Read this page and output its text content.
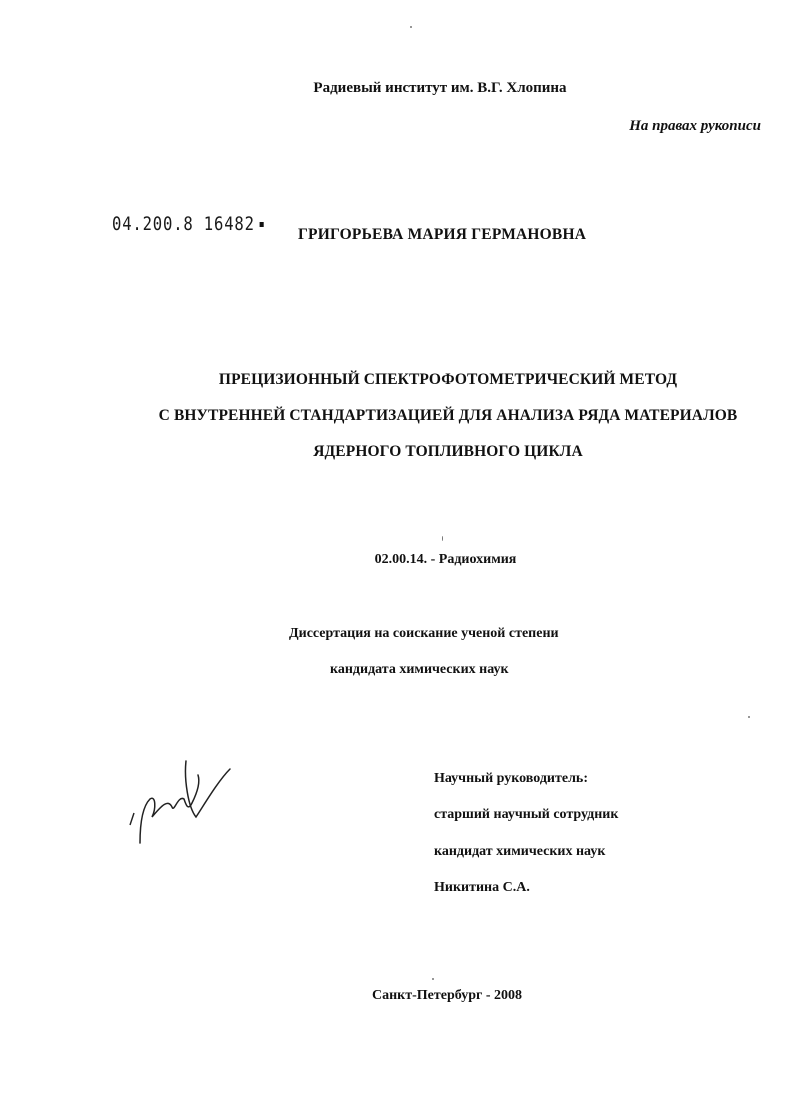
Радиевый институт им. В.Г. Хлопина
На правах рукописи
04.200.8 16482	ГРИГОРЬЕВА МАРИЯ ГЕРМАНОВНА
ПРЕЦИЗИОННЫЙ СПЕКТРОФОТОМЕТРИЧЕСКИЙ МЕТОД
С ВНУТРЕННЕЙ СТАНДАРТИЗАЦИЕЙ ДЛЯ АНАЛИЗА РЯДА МАТЕРИАЛОВ
ЯДЕРНОГО ТОПЛИВНОГО ЦИКЛА
02.00.14. - Радиохимия
Диссертация на соискание ученой степени
кандидата химических наук
Научный руководитель:
старший научный сотрудник
кандидат химических наук
Никитина С.А.
Санкт-Петербург - 2008
